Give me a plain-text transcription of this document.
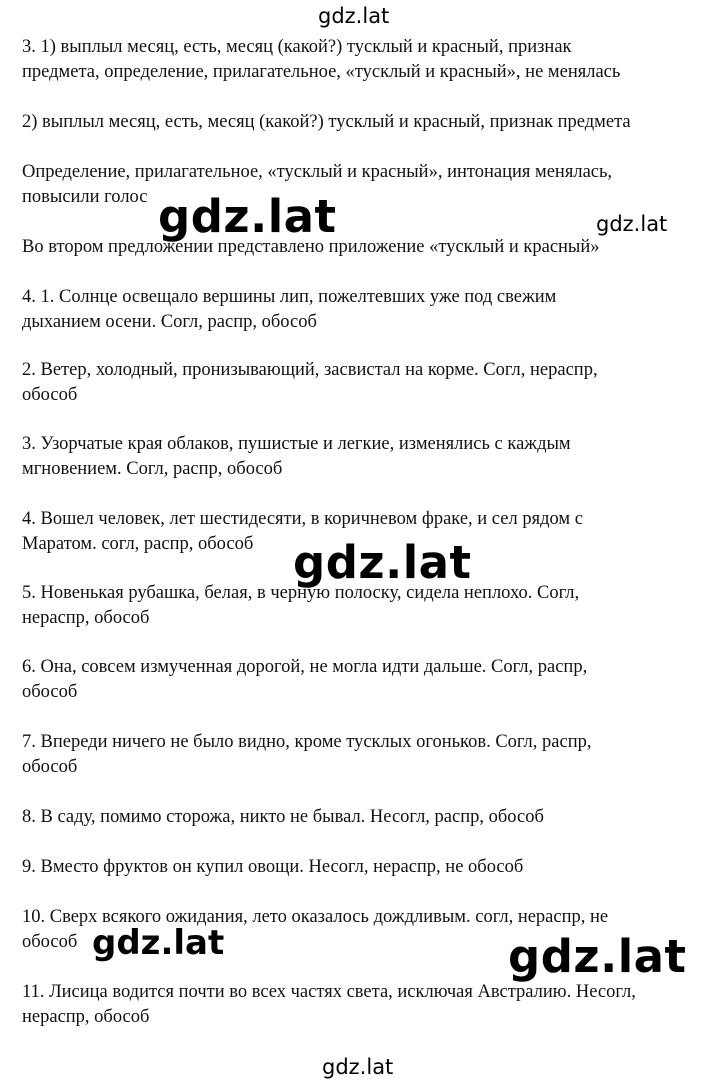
gdz.lat
gdz.lat	gdz.lat
gdz.lat
gdz.lat	gdz.lat
gdz.lat
3. 1) выплыл месяц, есть, месяц (какой?) тусклый и красный, признак
предмета, определение, прилагательное, «тусклый и красный», не менялась
2) выплыл месяц, есть, месяц (какой?) тусклый и красный, признак предмета
Определение, прилагательное, «тусклый и красный», интонация менялась,
повысили голос
Во втором предложении представлено приложение «тусклый и красный»
4. 1. Солнце освещало вершины лип, пожелтевших уже под свежим
дыханием осени. Согл, распр, обособ
2. Ветер, холодный, пронизывающий, засвистал на корме. Согл, нераспр,
обособ
3. Узорчатые края облаков, пушистые и легкие, изменялись с каждым
мгновением. Согл, распр, обособ
4. Вошел человек, лет шестидесяти, в коричневом фраке, и сел рядом с
Маратом. согл, распр, обособ
5. Новенькая рубашка, белая, в черную полоску, сидела неплохо. Согл,
нераспр, обособ
6. Она, совсем измученная дорогой, не могла идти дальше. Согл, распр,
обособ
7. Впереди ничего не было видно, кроме тусклых огоньков. Согл, распр,
обособ
8. В саду, помимо сторожа, никто не бывал. Несогл, распр, обособ
9. Вместо фруктов он купил овощи. Несогл, нераспр, не обособ
10. Сверх всякого ожидания, лето оказалось дождливым. согл, нераспр, не
обособ
11. Лисица водится почти во всех частях света, исключая Австралию. Несогл,
нераспр, обособ
